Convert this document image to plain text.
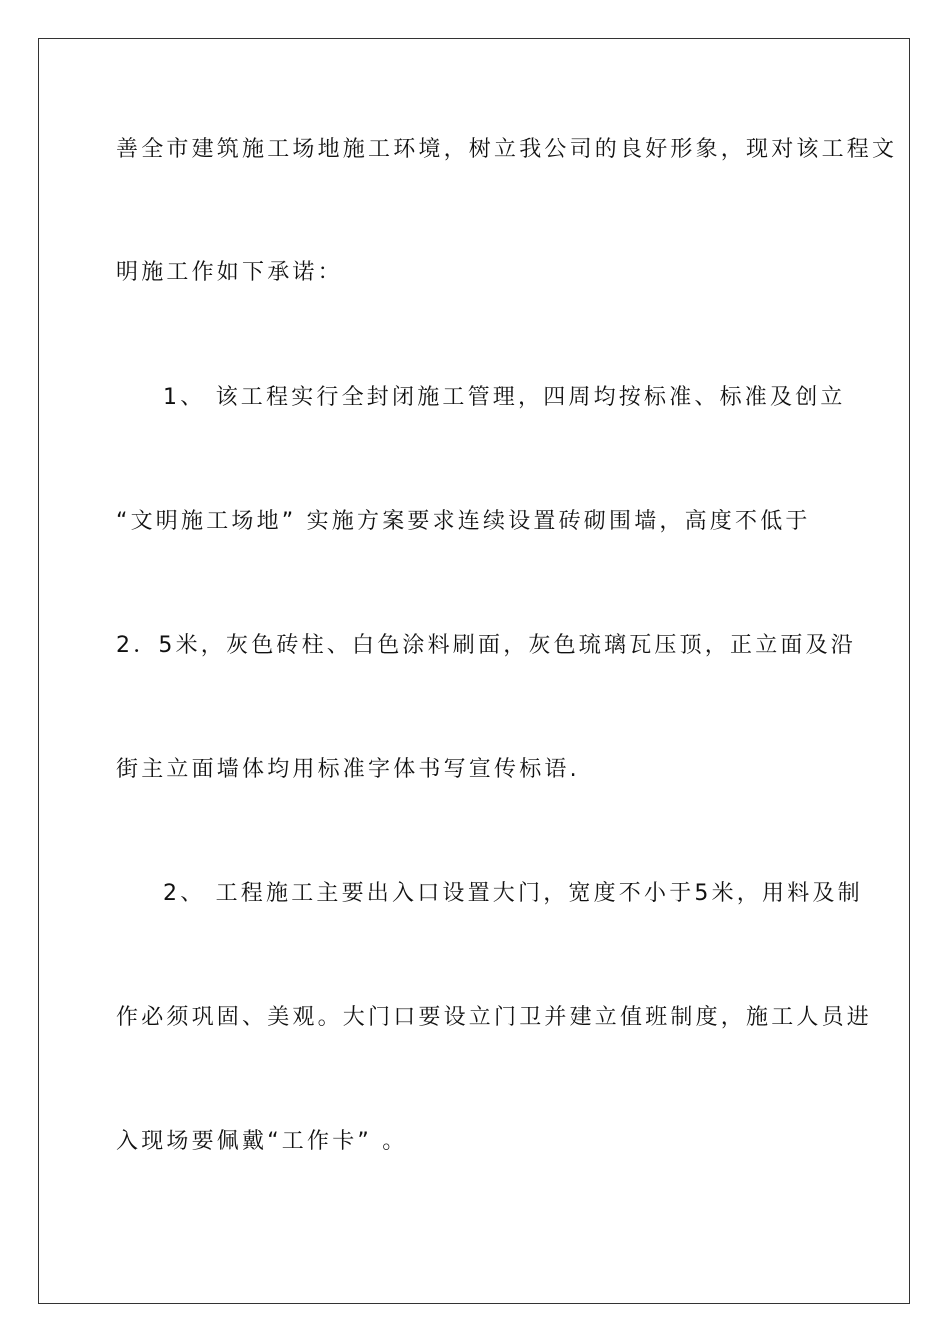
善全市建筑施工场地施工环境，树立我公司的良好形象，现对该工程文
明施工作如下承诺：
1、 该工程实行全封闭施工管理，四周均按标准、标准及创立
“文明施工场地” 实施方案要求连续设置砖砌围墙，高度不低于
2．5米，灰色砖柱、白色涂料刷面，灰色琉璃瓦压顶，正立面及沿
街主立面墙体均用标准字体书写宣传标语.
2、 工程施工主要出入口设置大门，宽度不小于5米，用料及制
作必须巩固、美观。大门口要设立门卫并建立值班制度，施工人员进
入现场要佩戴“工作卡” 。
